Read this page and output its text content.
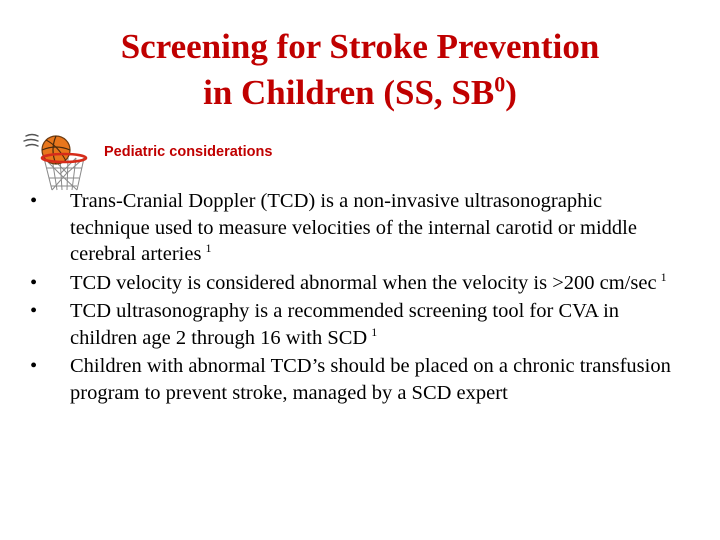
Screening for Stroke Prevention
in Children (SS, $SB^0$)
Pediatric considerations
•	Trans-Cranial Doppler (TCD) is a non-invasive ultrasonographic technique used to measure velocities of the internal carotid or middle cerebral arteries $^1$
•	TCD velocity is considered abnormal when the velocity is >200 cm/sec $^1$
•	TCD ultrasonography is a recommended screening tool for CVA in children age 2 through 16 with SCD $^1$
•	Children with abnormal TCD’s should be placed on a chronic transfusion program to prevent stroke, managed by a SCD expert
